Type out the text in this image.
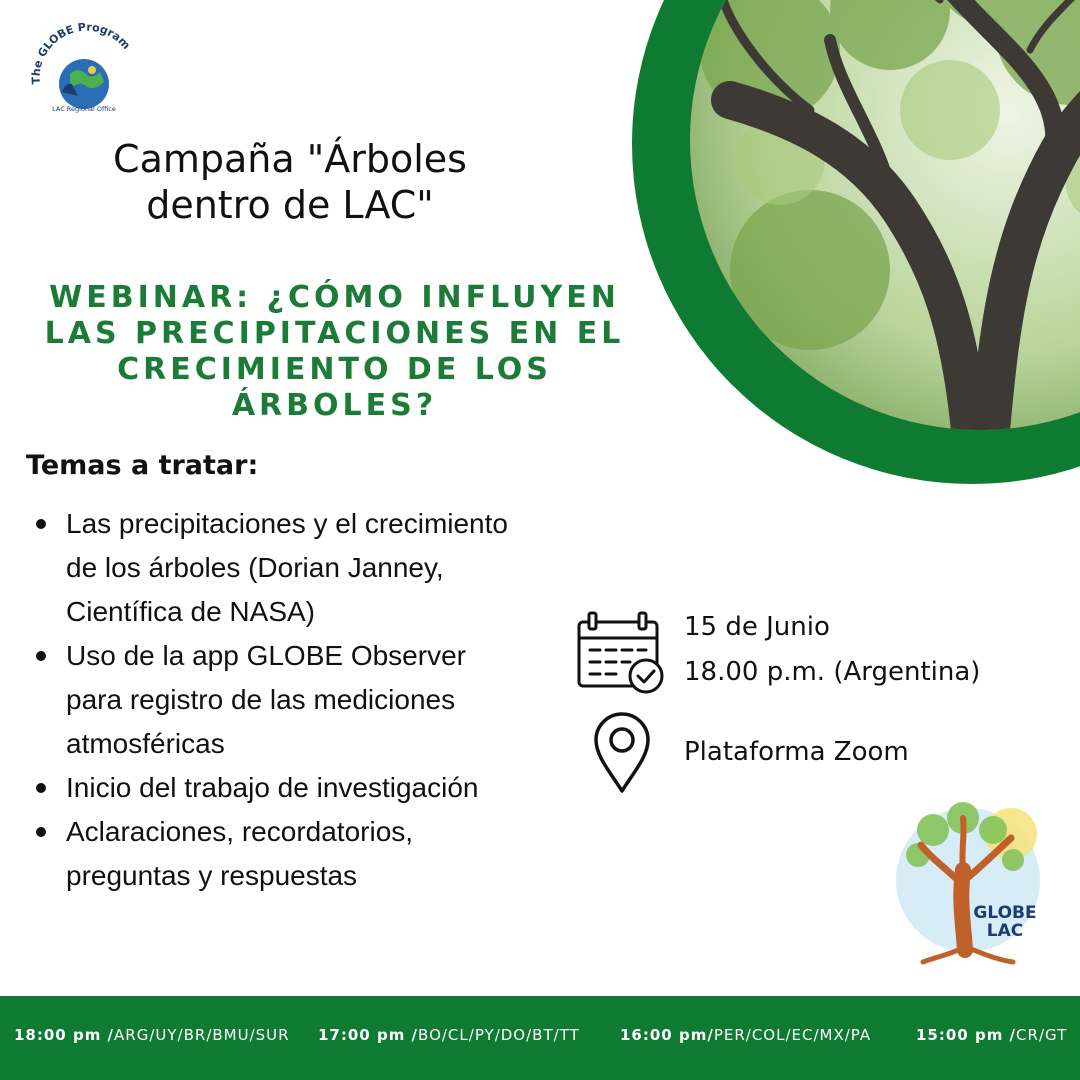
The GLOBE Program
LAC Regional Office
Campaña "Árboles
dentro de LAC"
WEBINAR: ¿CÓMO INFLUYEN
LAS PRECIPITACIONES EN EL
CRECIMIENTO DE LOS
ÁRBOLES?
Temas a tratar:
Las precipitaciones y el crecimiento de los árboles (Dorian Janney, Científica de NASA)
Uso de la app GLOBE Observer para registro de las mediciones atmosféricas
Inicio del trabajo de investigación
Aclaraciones, recordatorios, preguntas y respuestas
15 de Junio
18.00 p.m. (Argentina)
Plataforma Zoom
GLOBE
LAC
18:00 pm /ARG/UY/BR/BMU/SUR 17:00 pm /BO/CL/PY/DO/BT/TT	16:00 pm/PER/COL/EC/MX/PA	15:00 pm /CR/GT
